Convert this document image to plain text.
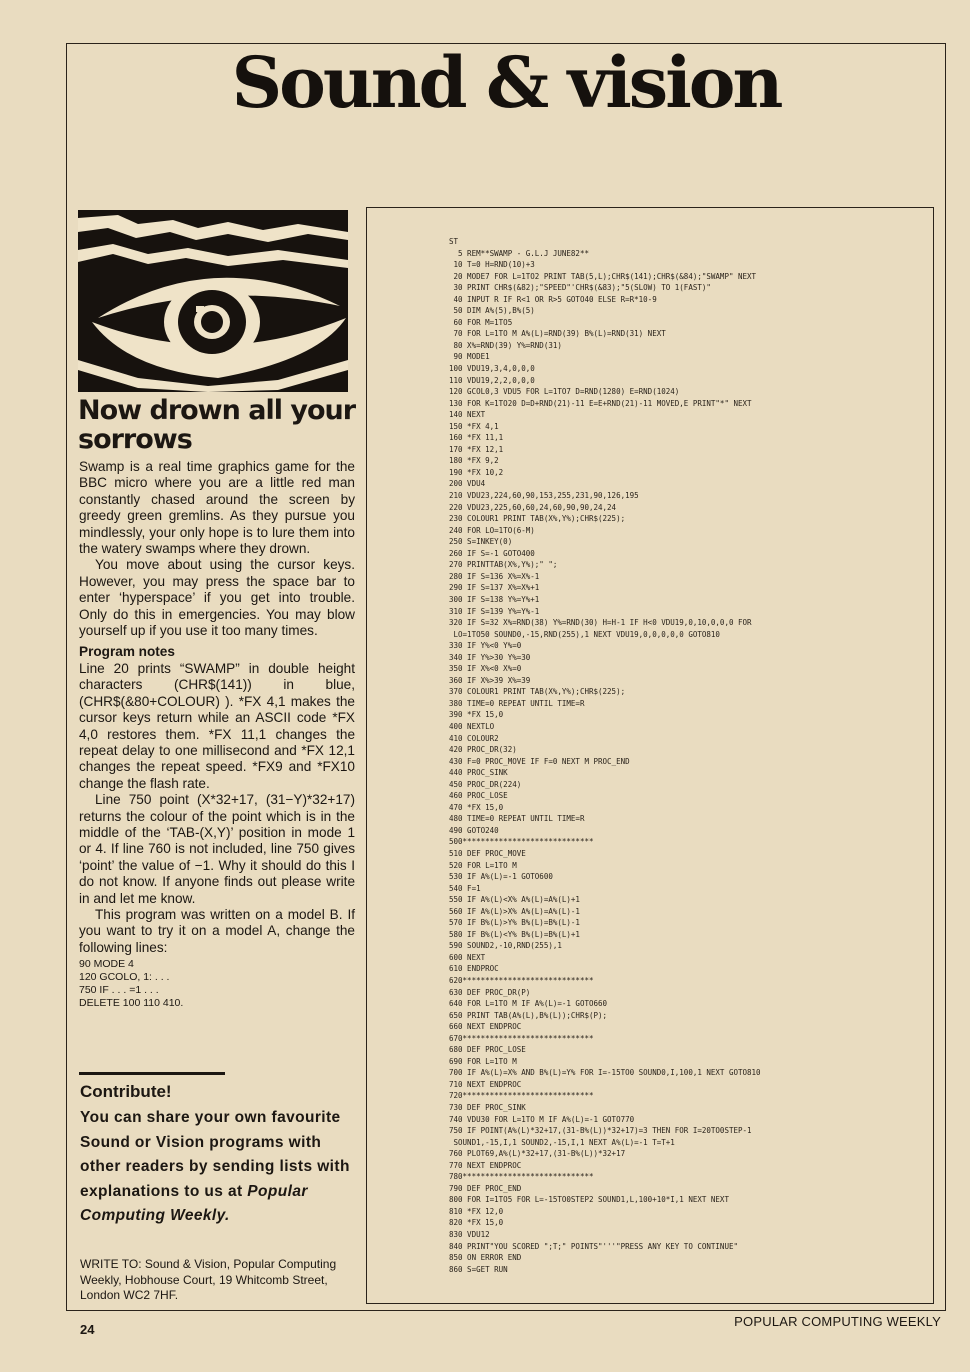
Sound & vision
Now drown all your sorrows

Swamp is a real time graphics game for the BBC micro where you are a little red man constantly chased around the screen by greedy green gremlins. As they pursue you mindlessly, your only hope is to lure them into the watery swamps where they drown.

You move about using the cursor keys. However, you may press the space bar to enter ‘hyperspace’ if you get into trouble. Only do this in emergencies. You may blow yourself up if you use it too many times.

Program notes

Line 20 prints “SWAMP” in double height characters (CHR$(141)) in blue, (CHR$(&80+COLOUR) ). *FX 4,1 makes the cursor keys return while an ASCII code *FX 4,0 restores them. *FX 11,1 changes the repeat delay to one millisecond and *FX 12,1 changes the repeat speed. *FX9 and *FX10 change the flash rate.

Line 750 point (X*32+17, (31−Y)*32+17) returns the colour of the point which is in the middle of the ‘TAB-(X,Y)’ position in mode 1 or 4. If line 760 is not included, line 750 gives ‘point’ the value of −1. Why it should do this I do not know. If anyone finds out please write in and let me know.

This program was written on a model B. If you want to try it on a model A, change the following lines:

90 MODE 4
120 GCOLO, 1: . . .
750 IF . . . =1 . . .
DELETE 100 110 410.
Contribute!
You can share your own favourite Sound or Vision programs with other readers by sending lists with explanations to us at Popular Computing Weekly.
WRITE TO: Sound & Vision, Popular Computing Weekly, Hobhouse Court, 19 Whitcomb Street, London WC2 7HF.
ST
5 REM**SWAMP - G.L.J JUNE82**
10 T=0 H=RND(10)+3
20 MODE7 FOR L=1TO2 PRINT TAB(5,L);CHR$(141);CHR$(&84);"SWAMP" NEXT
30 PRINT CHR$(&82);"SPEED"'CHR$(&83);"5(SLOW) TO 1(FAST)"
40 INPUT R IF R<1 OR R>5 GOTO40 ELSE R=R*10-9
50 DIM A%(5),B%(5)
60 FOR M=1TO5
70 FOR L=1TO M A%(L)=RND(39) B%(L)=RND(31) NEXT
80 X%=RND(39) Y%=RND(31)
90 MODE1
100 VDU19,3,4,0,0,0
110 VDU19,2,2,0,0,0
120 GCOL0,3 VDU5 FOR L=1TO7 D=RND(1280) E=RND(1024)
130 FOR K=1TO20 D=D+RND(21)-11 E=E+RND(21)-11 MOVED,E PRINT"*" NEXT
140 NEXT
150 *FX 4,1
160 *FX 11,1
170 *FX 12,1
180 *FX 9,2
190 *FX 10,2
200 VDU4
210 VDU23,224,60,90,153,255,231,90,126,195
220 VDU23,225,60,60,24,60,90,90,24,24
230 COLOUR1 PRINT TAB(X%,Y%);CHR$(225);
240 FOR LO=1TO(6-M)
250 S=INKEY(0)
260 IF S=-1 GOTO400
270 PRINTTAB(X%,Y%);" ";
280 IF S=136 X%=X%-1
290 IF S=137 X%=X%+1
300 IF S=138 Y%=Y%+1
310 IF S=139 Y%=Y%-1
320 IF S=32 X%=RND(38) Y%=RND(30) H=H-1 IF H<0 VDU19,0,10,0,0,0 FOR
LO=1TO50 SOUND0,-15,RND(255),1 NEXT VDU19,0,0,0,0,0 GOTO810
330 IF Y%<0 Y%=0
340 IF Y%>30 Y%=30
350 IF X%<0 X%=0
360 IF X%>39 X%=39
370 COLOUR1 PRINT TAB(X%,Y%);CHR$(225);
380 TIME=0 REPEAT UNTIL TIME=R
390 *FX 15,0
400 NEXTLO
410 COLOUR2
420 PROC_DR(32)
430 F=0 PROC_MOVE IF F=0 NEXT M PROC_END
440 PROC_SINK
450 PROC_DR(224)
460 PROC_LOSE
470 *FX 15,0
480 TIME=0 REPEAT UNTIL TIME=R
490 GOTO240
500*****************************
510 DEF PROC_MOVE
520 FOR L=1TO M
530 IF A%(L)=-1 GOTO600
540 F=1
550 IF A%(L)<X% A%(L)=A%(L)+1
560 IF A%(L)>X% A%(L)=A%(L)-1
570 IF B%(L)>Y% B%(L)=B%(L)-1
580 IF B%(L)<Y% B%(L)=B%(L)+1
590 SOUND2,-10,RND(255),1
600 NEXT
610 ENDPROC
620*****************************
630 DEF PROC_DR(P)
640 FOR L=1TO M IF A%(L)=-1 GOTO660
650 PRINT TAB(A%(L),B%(L));CHR$(P);
660 NEXT ENDPROC
670*****************************
680 DEF PROC_LOSE
690 FOR L=1TO M
700 IF A%(L)=X% AND B%(L)=Y% FOR I=-15TO0 SOUND0,I,100,1 NEXT GOTO810
710 NEXT ENDPROC
720*****************************
730 DEF PROC_SINK
740 VDU30 FOR L=1TO M IF A%(L)=-1 GOTO770
750 IF POINT(A%(L)*32+17,(31-B%(L))*32+17)=3 THEN FOR I=20TO0STEP-1
SOUND1,-15,I,1 SOUND2,-15,I,1 NEXT A%(L)=-1 T=T+1
760 PLOT69,A%(L)*32+17,(31-B%(L))*32+17
770 NEXT ENDPROC
780*****************************
790 DEF PROC_END
800 FOR I=1TO5 FOR L=-15TO0STEP2 SOUND1,L,100+10*I,1 NEXT NEXT
810 *FX 12,0
820 *FX 15,0
830 VDU12
840 PRINT"YOU SCORED ";T;" POINTS"'''"PRESS ANY KEY TO CONTINUE"
850 ON ERROR END
860 S=GET RUN
24
POPULAR COMPUTING WEEKLY
